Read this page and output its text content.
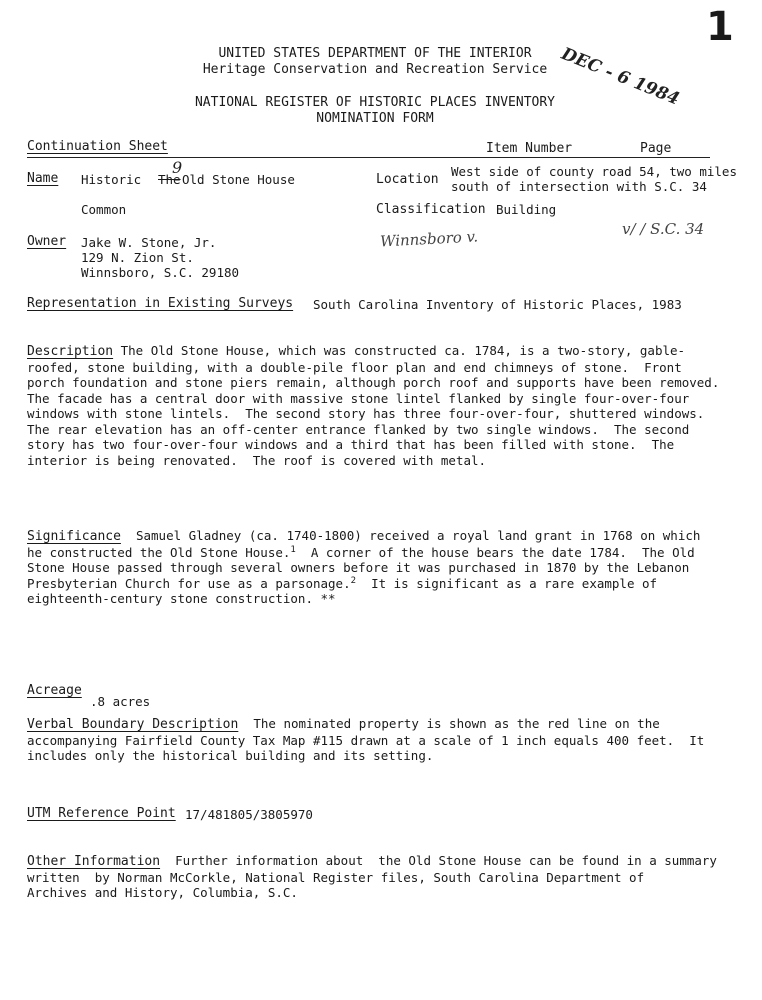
1
DEC - 6 1984
UNITED STATES DEPARTMENT OF THE INTERIOR
Heritage Conservation and Recreation Service
NATIONAL REGISTER OF HISTORIC PLACES INVENTORY
NOMINATION FORM
Continuation Sheet	Item Number	Page
Name Historic The
9
Old Stone House	Location
West side of county road 54, two miles
south of intersection with S.C. 34
Common	Classification Building
Winnsboro v.	v/ / S.C. 34
Owner Jake W. Stone, Jr.
129 N. Zion St.
Winnsboro, S.C. 29180
Representation in Existing Surveys South Carolina Inventory of Historic Places, 1983
Description The Old Stone House, which was constructed ca. 1784, is a two-story, gable-
roofed, stone building, with a double-pile floor plan and end chimneys of stone.  Front
porch foundation and stone piers remain, although porch roof and supports have been removed.
The facade has a central door with massive stone lintel flanked by single four-over-four
windows with stone lintels.  The second story has three four-over-four, shuttered windows.
The rear elevation has an off-center entrance flanked by two single windows.  The second
story has two four-over-four windows and a third that has been filled with stone.  The
interior is being renovated.  The roof is covered with metal.
Significance  Samuel Gladney (ca. 1740-1800) received a royal land grant in 1768 on which
he constructed the Old Stone House.$^1$  A corner of the house bears the date 1784.  The Old
Stone House passed through several owners before it was purchased in 1870 by the Lebanon
Presbyterian Church for use as a parsonage.$^2$  It is significant as a rare example of
eighteenth-century stone construction. **
Acreage
.8 acres
Verbal Boundary Description  The nominated property is shown as the red line on the
accompanying Fairfield County Tax Map #115 drawn at a scale of 1 inch equals 400 feet.  It
includes only the historical building and its setting.
UTM Reference Point 17/481805/3805970
Other Information  Further information about  the Old Stone House can be found in a summary
written  by Norman McCorkle, National Register files, South Carolina Department of
Archives and History, Columbia, S.C.
